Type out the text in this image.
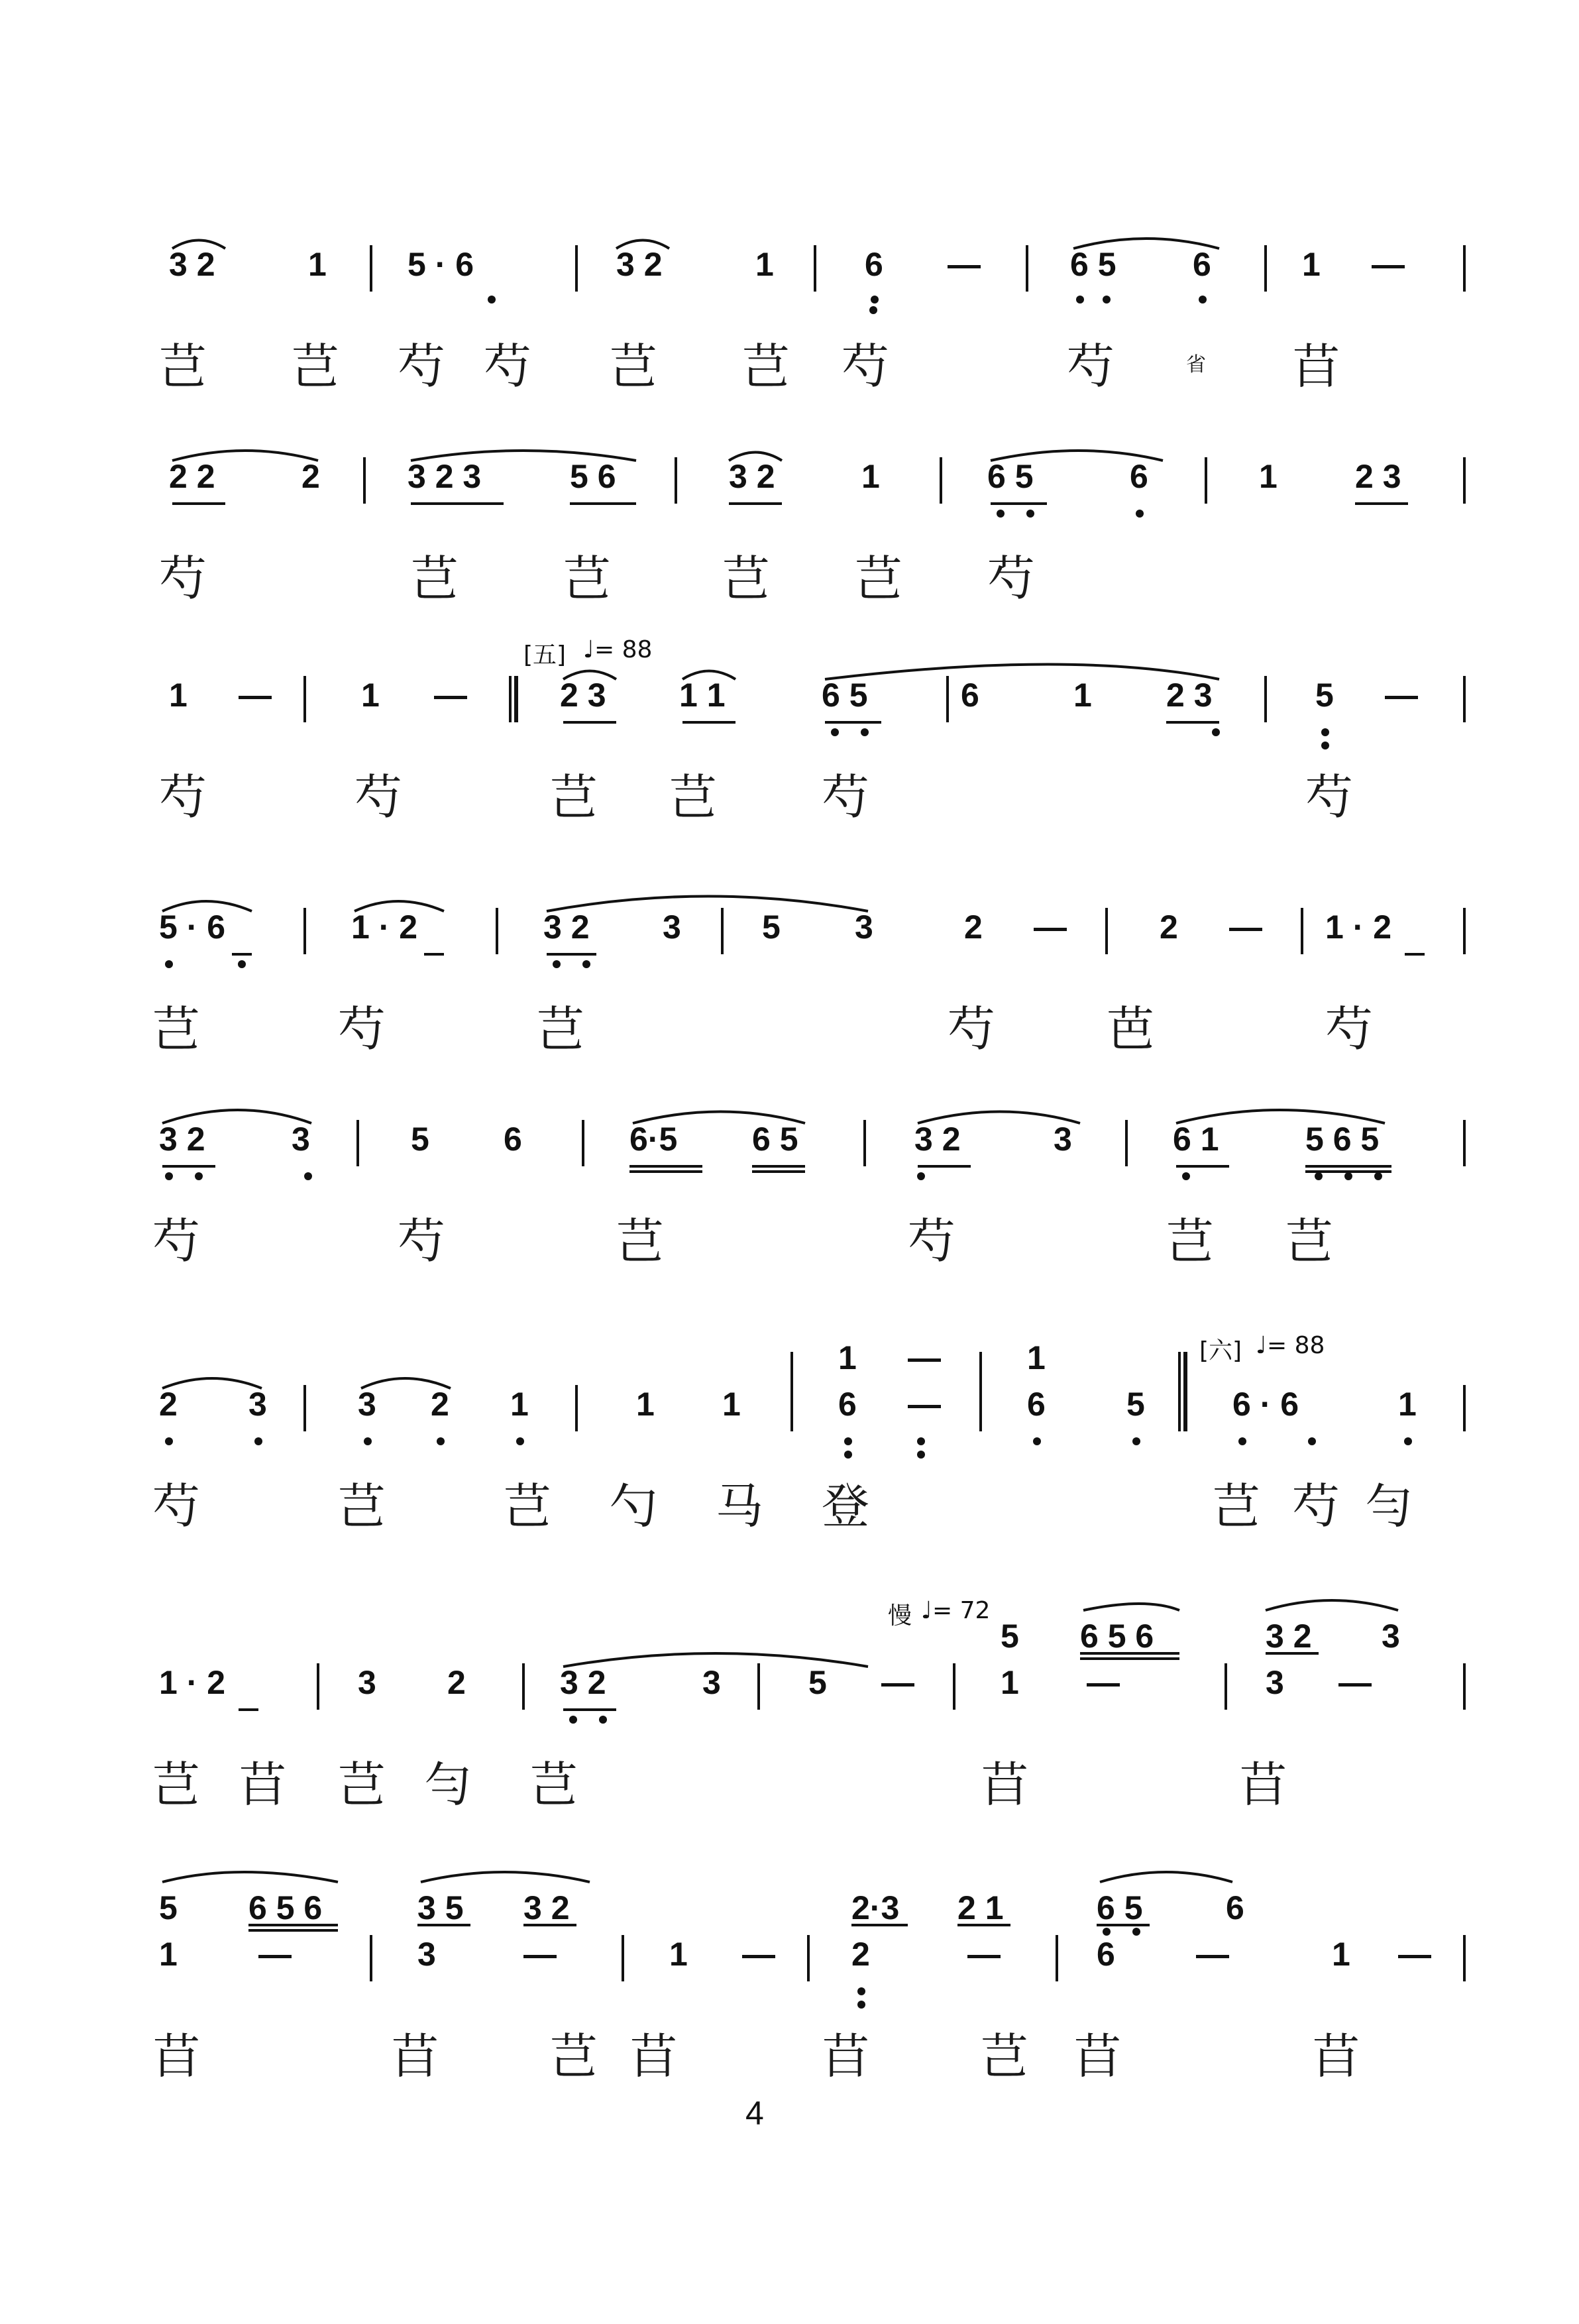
3 2	1 5 · 6	3 2	1	6 —	6 5 6	1 —
芑 芑 芍 芍 芑 芑 芍	芍	䒤
省
2 2	2	3 2 3	5 6	3 2	1	6 5	6	1 2 3
芍	芑 芑 芑 芑 芍
[五] ♩= 88
1 —	1 —	2 3 1 1	6 5	6	1 2 3	5 —
芍	芍	芑 芑 芍	芍
5 · 6	1 · 2	3 2 3 5 3	2 —	2 — 1 · 2
芑	芍	芑	芍 芭	芍
3 2	3	5 6	6·5 6 5	3 2	3	6 1	5 6 5
芍	芍	芑	芍	芑 芑
[六] ♩= 88
1 —	1
2 3	3 2 1	1 1	6 —	6 5	6 · 6	1
芍	芑 芑 勺 马 登	芑 芍 勻
慢 ♩= 72
5 6 5 6	3 2 3
1 · 2	3 2	3 2	3	5 —	1 —	3 —
芑 䒤 芑 勻 芑	䒤	䒤
5 6 5 6	3 5 3 2	2·3 2 1	6 5	6
1 —	3	—	1 — 2	—	6 —	1 —
䒤	䒤 芑 䒤	䒤 芑 䒤	䒤
4
